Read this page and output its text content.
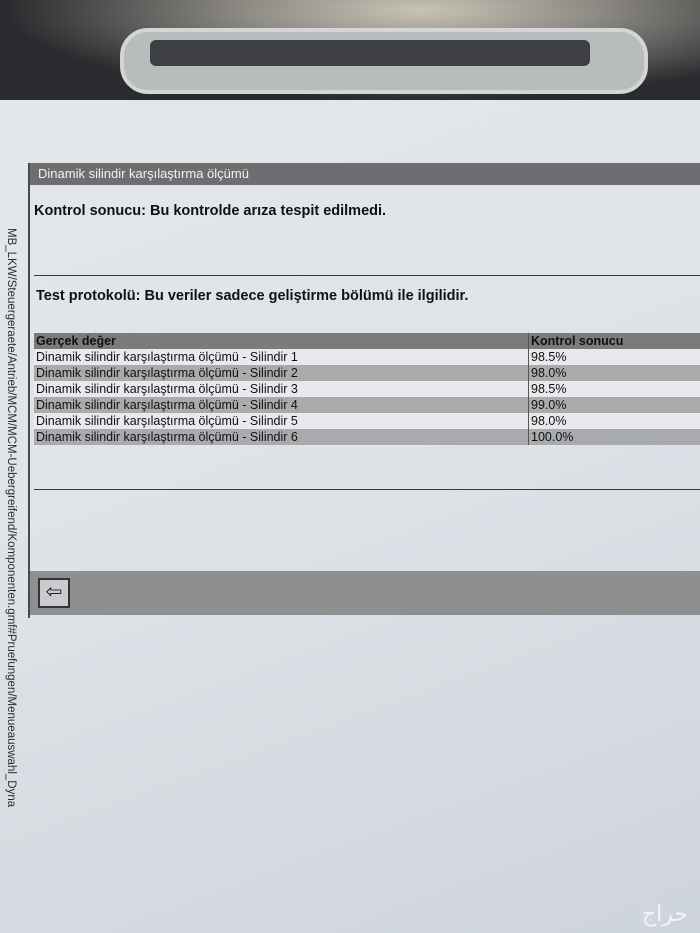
MB_LKW/Steuergeraete/Antrieb/MCM/MCM-Uebergreifend/Komponenten.gmf#Pruefungen/Menueauswahl_Dyna
Dinamik silindir karşılaştırma ölçümü
Kontrol sonucu: Bu kontrolde arıza tespit edilmedi.
Test protokolü: Bu veriler sadece geliştirme bölümü ile ilgilidir.
Gerçek değer	Kontrol sonucu
Dinamik silindir karşılaştırma ölçümü - Silindir 1	98.5%
Dinamik silindir karşılaştırma ölçümü - Silindir 2	98.0%
Dinamik silindir karşılaştırma ölçümü - Silindir 3	98.5%
Dinamik silindir karşılaştırma ölçümü - Silindir 4	99.0%
Dinamik silindir karşılaştırma ölçümü - Silindir 5	98.0%
Dinamik silindir karşılaştırma ölçümü - Silindir 6	100.0%
⇦
حراج
